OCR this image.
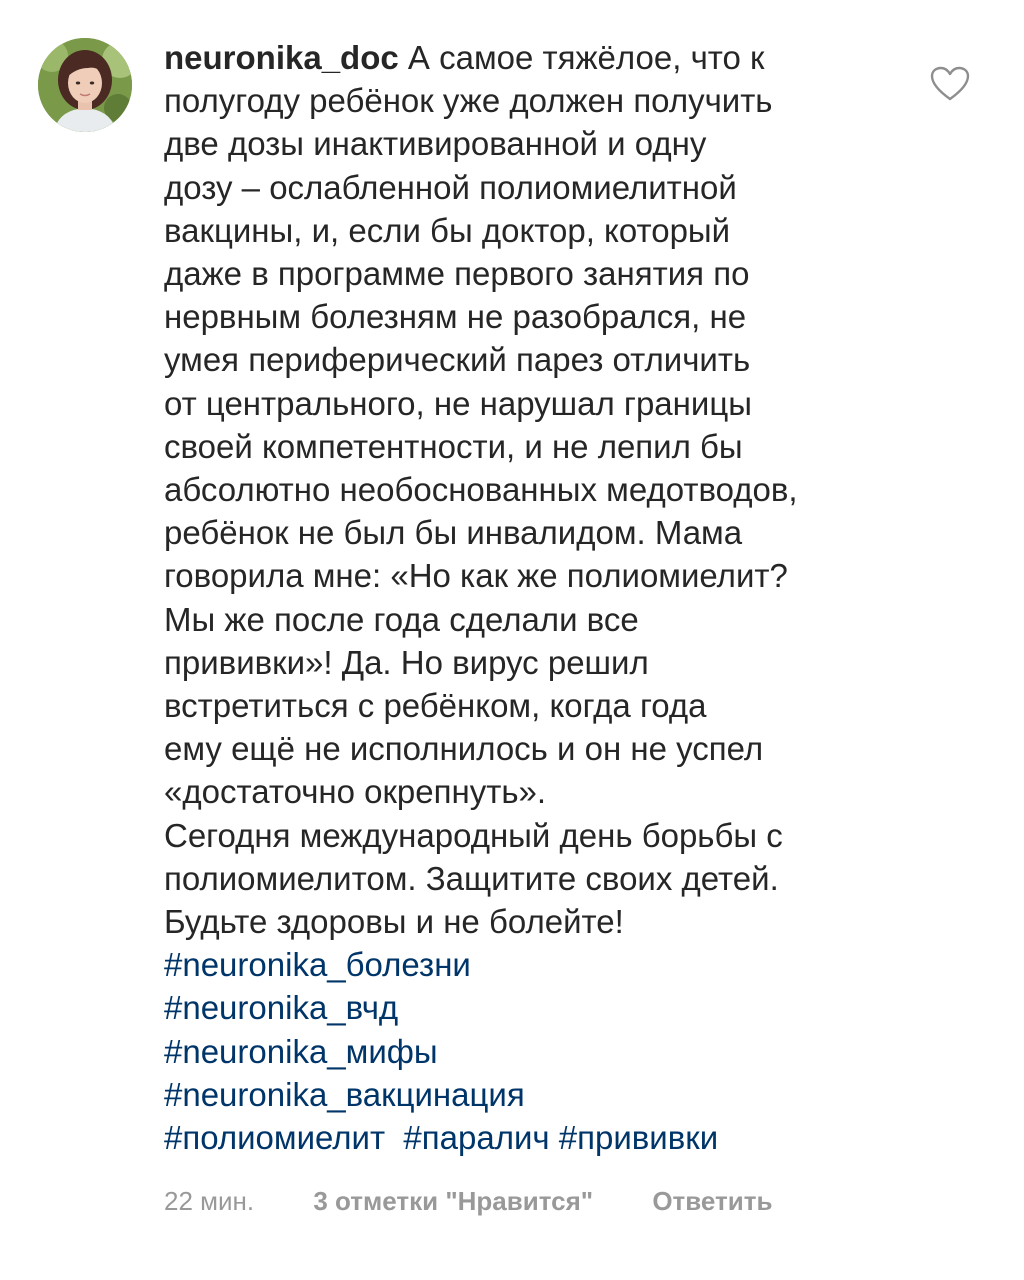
neuronika_doc А самое тяжёлое, что к
полугоду ребёнок уже должен получить
две дозы инактивированной и одну
дозу – ослабленной полиомиелитной
вакцины, и, если бы доктор, который
даже в программе первого занятия по
нервным болезням не разобрался, не
умея периферический парез отличить
от центрального, не нарушал границы
своей компетентности, и не лепил бы
абсолютно необоснованных медотводов,
ребёнок не был бы инвалидом. Мама
говорила мне: «Но как же полиомиелит?
Мы же после года сделали все
прививки»! Да. Но вирус решил
встретиться с ребёнком, когда года
ему ещё не исполнилось и он не успел
«достаточно окрепнуть».
Сегодня международный день борьбы с
полиомиелитом. Защитите своих детей.
Будьте здоровы и не болейте!
#neuronika_болезни
#neuronika_вчд
#neuronika_мифы
#neuronika_вакцинация
#полиомиелит #паралич #прививки
22 мин. 3 отметки "Нравится" Ответить
